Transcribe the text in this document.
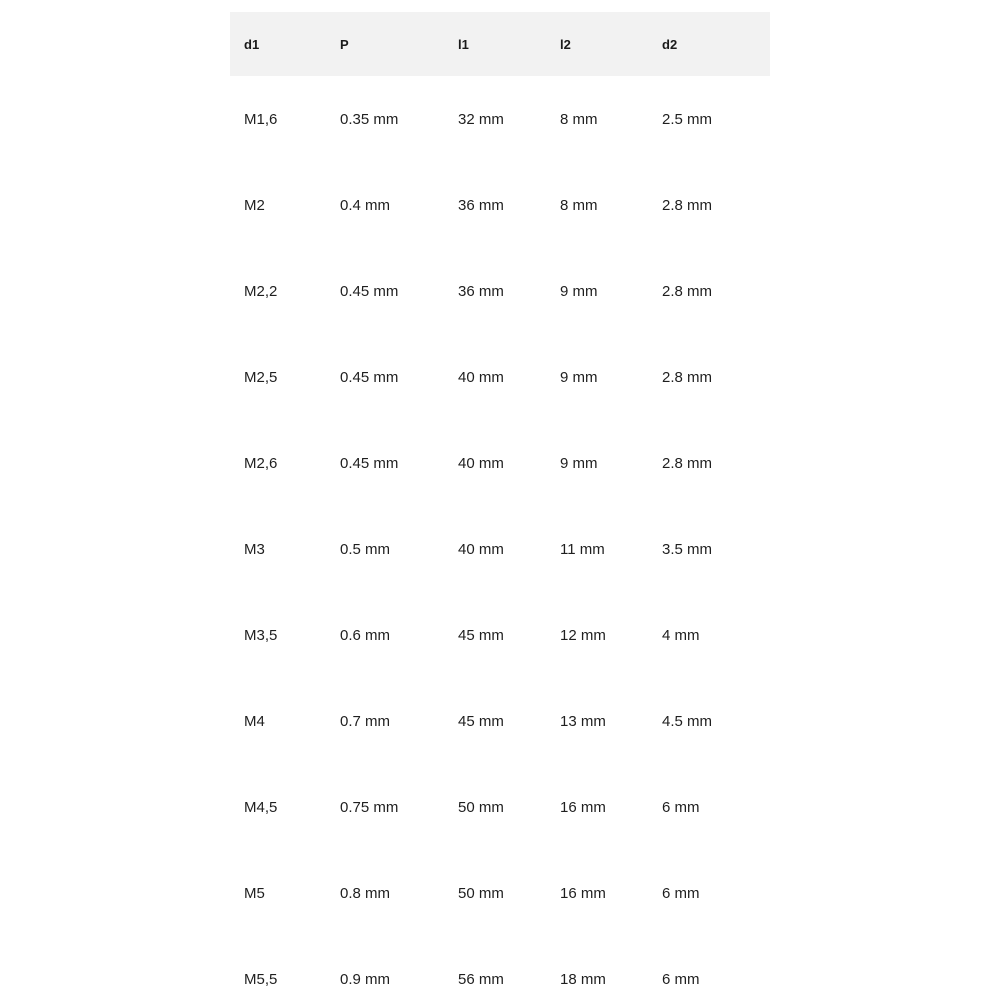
d1	P	l1	l2	d2

M1,6	0.35 mm	32 mm	8 mm	2.5 mm

M2	0.4 mm	36 mm	8 mm	2.8 mm

M2,2	0.45 mm	36 mm	9 mm	2.8 mm

M2,5	0.45 mm	40 mm	9 mm	2.8 mm

M2,6	0.45 mm	40 mm	9 mm	2.8 mm

M3	0.5 mm	40 mm	11 mm	3.5 mm

M3,5	0.6 mm	45 mm	12 mm	4 mm

M4	0.7 mm	45 mm	13 mm	4.5 mm

M4,5	0.75 mm	50 mm	16 mm	6 mm

M5	0.8 mm	50 mm	16 mm	6 mm

M5,5	0.9 mm	56 mm	18 mm	6 mm
